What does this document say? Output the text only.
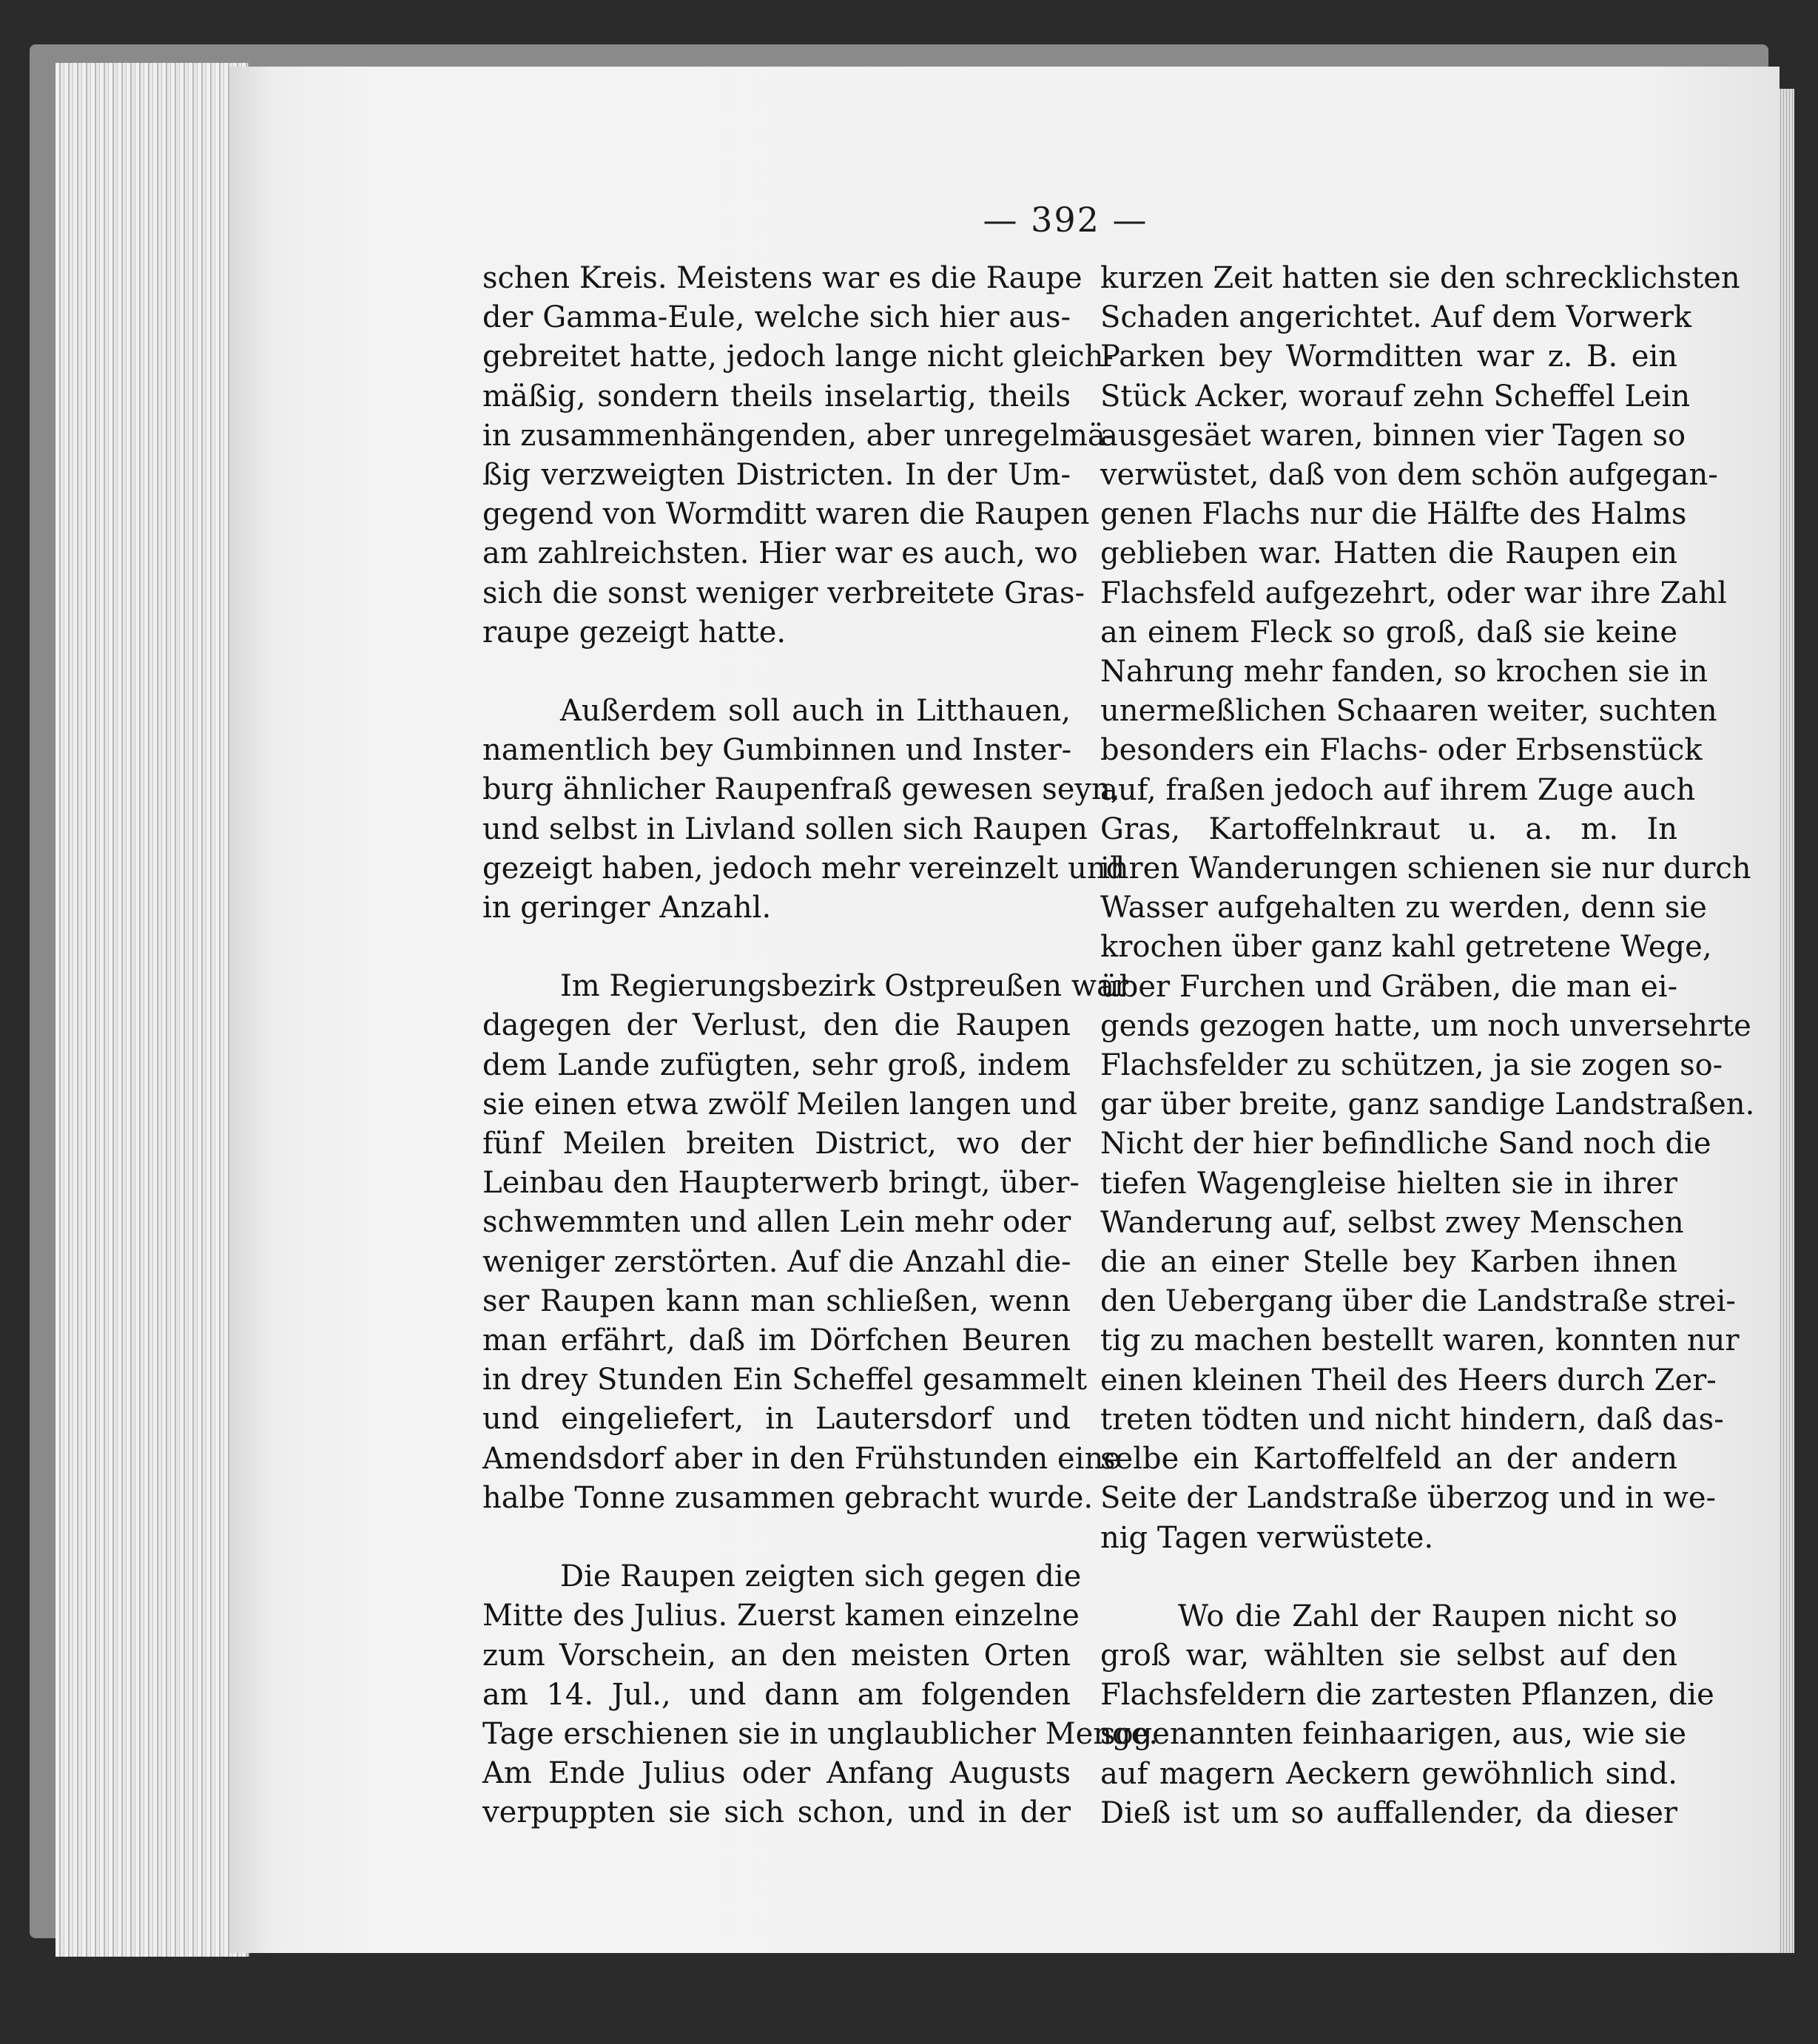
— 392 —
schen Kreis. Meistens war es die Raupe
der Gamma-Eule, welche sich hier aus-
gebreitet hatte, jedoch lange nicht gleich-
mäßig, sondern theils inselartig, theils
in zusammenhängenden, aber unregelmä-
ßig verzweigten Districten. In der Um-
gegend von Wormditt waren die Raupen
am zahlreichsten. Hier war es auch, wo
sich die sonst weniger verbreitete Gras-
raupe gezeigt hatte.
Außerdem soll auch in Litthauen,
namentlich bey Gumbinnen und Inster-
burg ähnlicher Raupenfraß gewesen seyn,
und selbst in Livland sollen sich Raupen
gezeigt haben, jedoch mehr vereinzelt und
in geringer Anzahl.
Im Regierungsbezirk Ostpreußen war
dagegen der Verlust, den die Raupen
dem Lande zufügten, sehr groß, indem
sie einen etwa zwölf Meilen langen und
fünf Meilen breiten District, wo der
Leinbau den Haupterwerb bringt, über-
schwemmten und allen Lein mehr oder
weniger zerstörten. Auf die Anzahl die-
ser Raupen kann man schließen, wenn
man erfährt, daß im Dörfchen Beuren
in drey Stunden Ein Scheffel gesammelt
und eingeliefert, in Lautersdorf und
Amendsdorf aber in den Frühstunden eine
halbe Tonne zusammen gebracht wurde.
Die Raupen zeigten sich gegen die
Mitte des Julius. Zuerst kamen einzelne
zum Vorschein, an den meisten Orten
am 14. Jul., und dann am folgenden
Tage erschienen sie in unglaublicher Menge.
Am Ende Julius oder Anfang Augusts
verpuppten sie sich schon, und in der
kurzen Zeit hatten sie den schrecklichsten
Schaden angerichtet. Auf dem Vorwerk
Parken bey Wormditten war z. B. ein
Stück Acker, worauf zehn Scheffel Lein
ausgesäet waren, binnen vier Tagen so
verwüstet, daß von dem schön aufgegan-
genen Flachs nur die Hälfte des Halms
geblieben war. Hatten die Raupen ein
Flachsfeld aufgezehrt, oder war ihre Zahl
an einem Fleck so groß, daß sie keine
Nahrung mehr fanden, so krochen sie in
unermeßlichen Schaaren weiter, suchten
besonders ein Flachs- oder Erbsenstück
auf, fraßen jedoch auf ihrem Zuge auch
Gras, Kartoffelnkraut u. a. m. In
ihren Wanderungen schienen sie nur durch
Wasser aufgehalten zu werden, denn sie
krochen über ganz kahl getretene Wege,
über Furchen und Gräben, die man ei-
gends gezogen hatte, um noch unversehrte
Flachsfelder zu schützen, ja sie zogen so-
gar über breite, ganz sandige Landstraßen.
Nicht der hier befindliche Sand noch die
tiefen Wagengleise hielten sie in ihrer
Wanderung auf, selbst zwey Menschen
die an einer Stelle bey Karben ihnen
den Uebergang über die Landstraße strei-
tig zu machen bestellt waren, konnten nur
einen kleinen Theil des Heers durch Zer-
treten tödten und nicht hindern, daß das-
selbe ein Kartoffelfeld an der andern
Seite der Landstraße überzog und in we-
nig Tagen verwüstete.
Wo die Zahl der Raupen nicht so
groß war, wählten sie selbst auf den
Flachsfeldern die zartesten Pflanzen, die
sogenannten feinhaarigen, aus, wie sie
auf magern Aeckern gewöhnlich sind.
Dieß ist um so auffallender, da dieser
